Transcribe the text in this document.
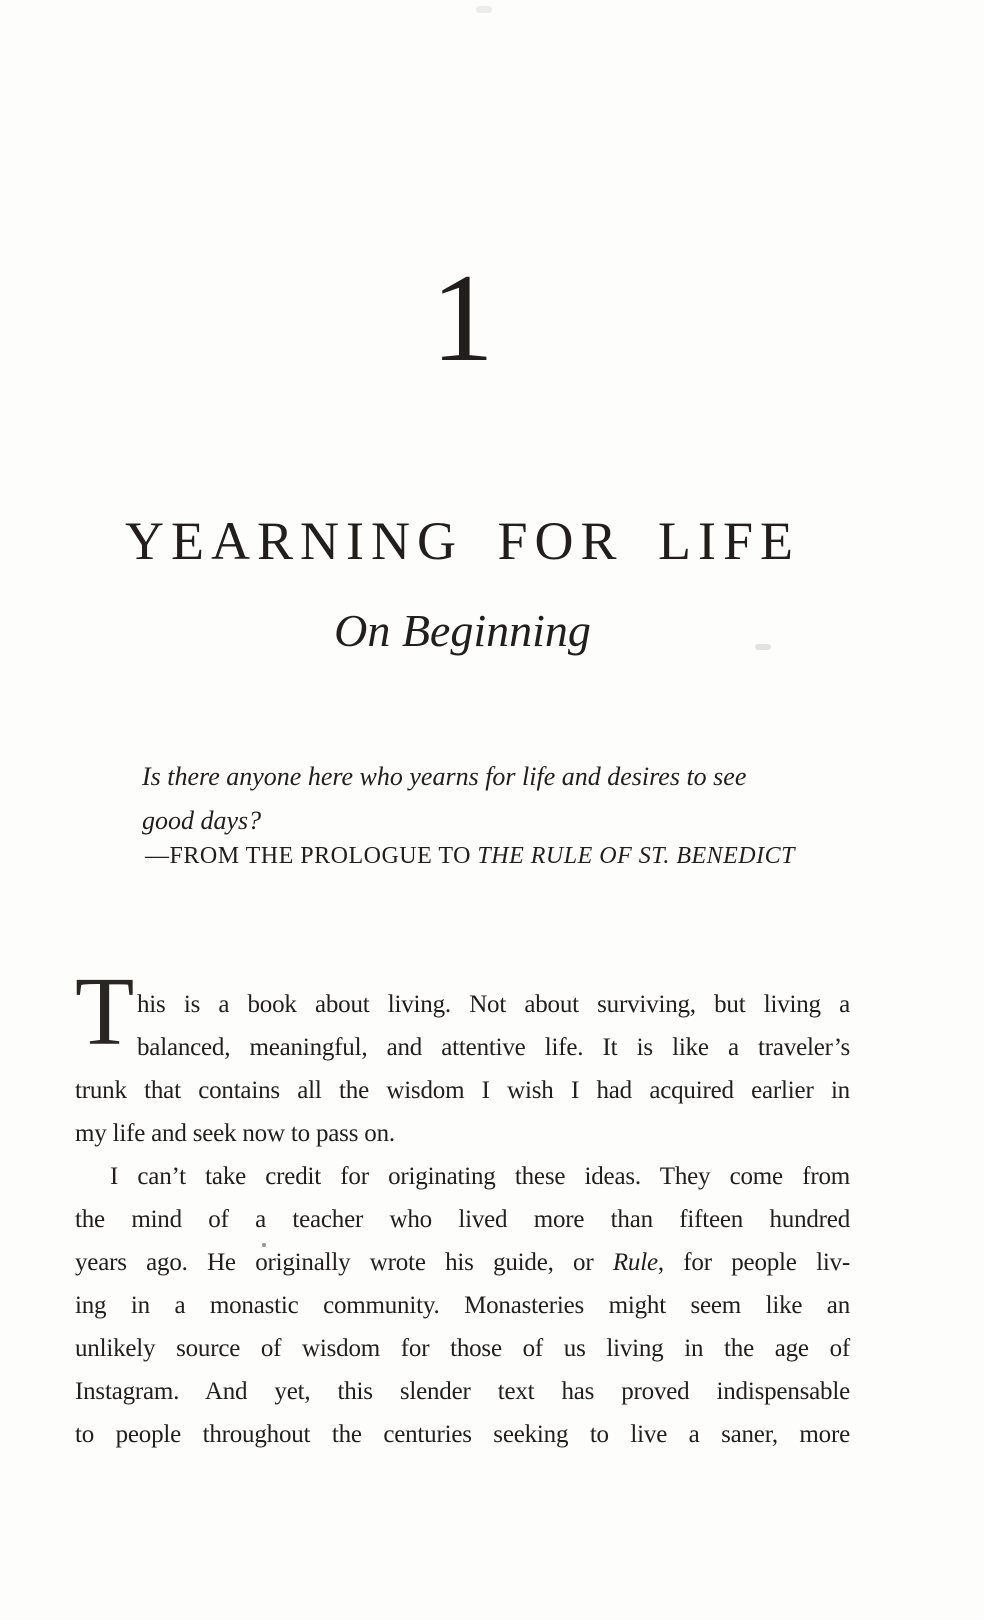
1
YEARNING FOR LIFE
On Beginning
Is there anyone here who yearns for life and desires to see
good days?
—FROM THE PROLOGUE TO THE RULE OF ST. BENEDICT
T his is a book about living. Not about surviving, but living a
balanced, meaningful, and attentive life. It is like a traveler’s
trunk that contains all the wisdom I wish I had acquired earlier in
my life and seek now to pass on.
I can’t take credit for originating these ideas. They come from
the mind of a teacher who lived more than fifteen hundred
years ago. He originally wrote his guide, or Rule, for people liv-
ing in a monastic community. Monasteries might seem like an
unlikely source of wisdom for those of us living in the age of
Instagram. And yet, this slender text has proved indispensable
to people throughout the centuries seeking to live a saner, more
